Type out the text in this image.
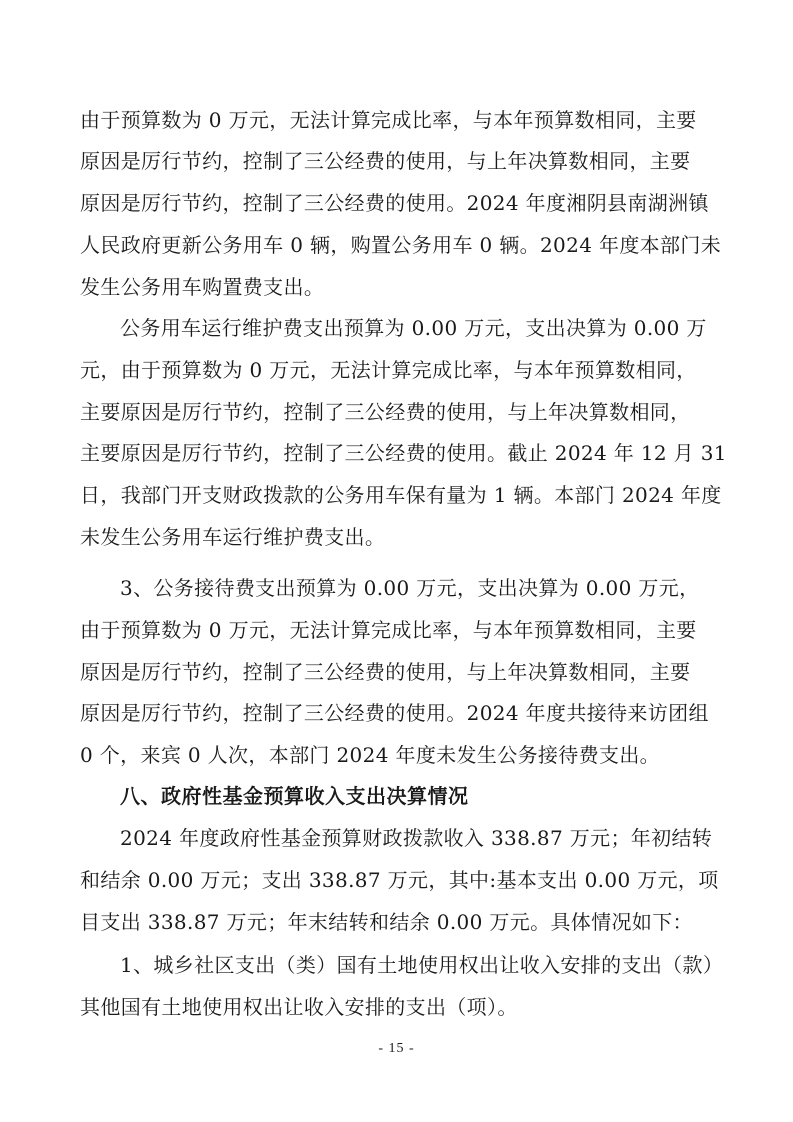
由于预算数为 0 万元，无法计算完成比率，与本年预算数相同，主要
原因是厉行节约，控制了三公经费的使用，与上年决算数相同，主要
原因是厉行节约，控制了三公经费的使用。2024 年度湘阴县南湖洲镇
人民政府更新公务用车 0 辆，购置公务用车 0 辆。2024 年度本部门未
发生公务用车购置费支出。
公务用车运行维护费支出预算为 0.00 万元，支出决算为 0.00 万
元，由于预算数为 0 万元，无法计算完成比率，与本年预算数相同，
主要原因是厉行节约，控制了三公经费的使用，与上年决算数相同，
主要原因是厉行节约，控制了三公经费的使用。截止 2024 年 12 月 31
日，我部门开支财政拨款的公务用车保有量为 1 辆。本部门 2024 年度
未发生公务用车运行维护费支出。
3、公务接待费支出预算为 0.00 万元，支出决算为 0.00 万元，
由于预算数为 0 万元，无法计算完成比率，与本年预算数相同，主要
原因是厉行节约，控制了三公经费的使用，与上年决算数相同，主要
原因是厉行节约，控制了三公经费的使用。2024 年度共接待来访团组
0 个，来宾 0 人次，本部门 2024 年度未发生公务接待费支出。
八、政府性基金预算收入支出决算情况
2024 年度政府性基金预算财政拨款收入 338.87 万元；年初结转
和结余 0.00 万元；支出 338.87 万元，其中:基本支出 0.00 万元，项
目支出 338.87 万元；年末结转和结余 0.00 万元。具体情况如下：
1、城乡社区支出（类）国有土地使用权出让收入安排的支出（款）
其他国有土地使用权出让收入安排的支出（项）。
- 15 -
